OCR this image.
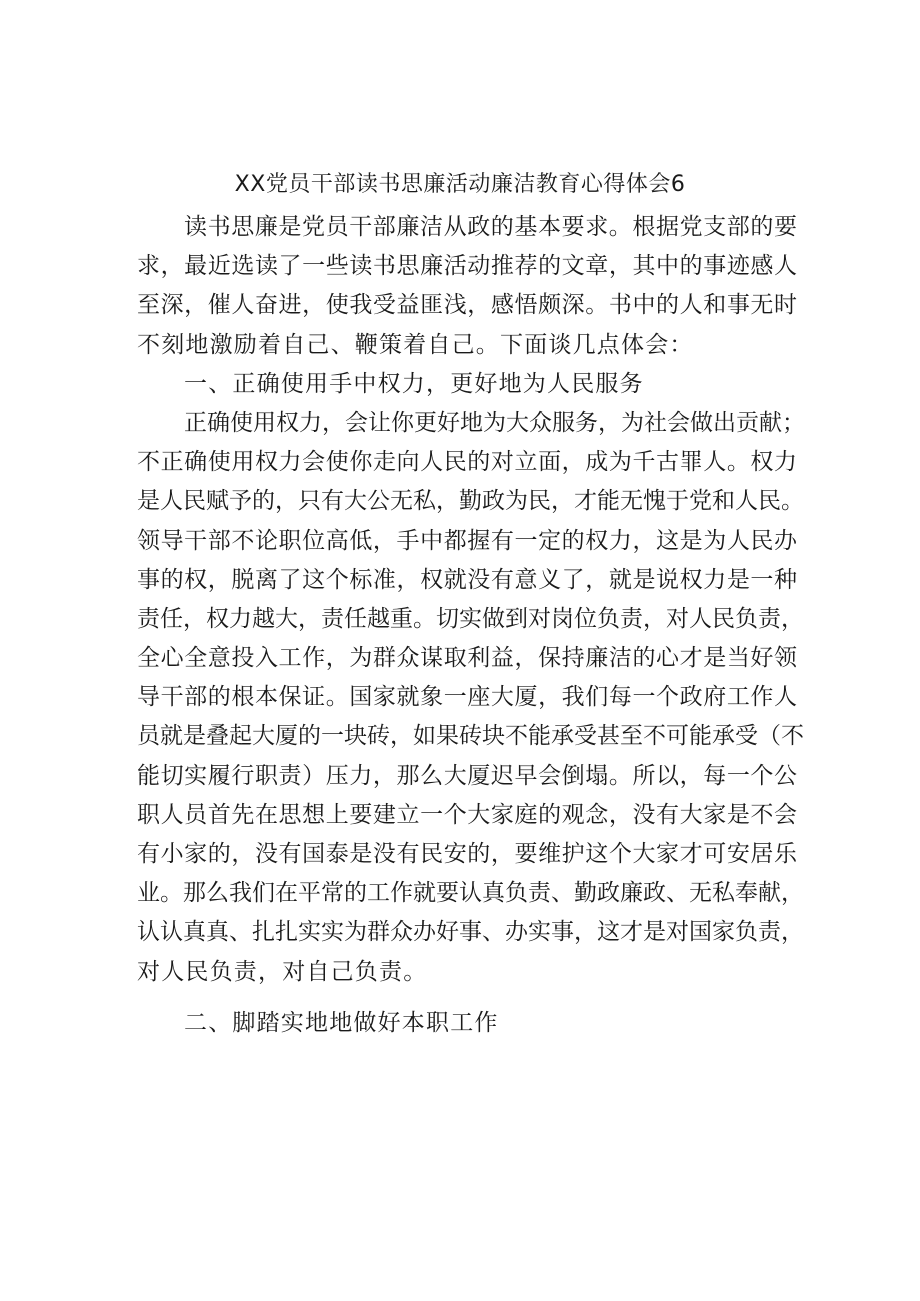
XX党员干部读书思廉活动廉洁教育心得体会6
读书思廉是党员干部廉洁从政的基本要求。根据党支部的要
求，最近选读了一些读书思廉活动推荐的文章，其中的事迹感人
至深，催人奋进，使我受益匪浅，感悟颇深。书中的人和事无时
不刻地激励着自己、鞭策着自己。下面谈几点体会：
一、正确使用手中权力，更好地为人民服务
正确使用权力，会让你更好地为大众服务，为社会做出贡献；
不正确使用权力会使你走向人民的对立面，成为千古罪人。权力
是人民赋予的，只有大公无私，勤政为民，才能无愧于党和人民。
领导干部不论职位高低，手中都握有一定的权力，这是为人民办
事的权，脱离了这个标准，权就没有意义了，就是说权力是一种
责任，权力越大，责任越重。切实做到对岗位负责，对人民负责，
全心全意投入工作，为群众谋取利益，保持廉洁的心才是当好领
导干部的根本保证。国家就象一座大厦，我们每一个政府工作人
员就是叠起大厦的一块砖，如果砖块不能承受甚至不可能承受（不
能切实履行职责）压力，那么大厦迟早会倒塌。所以，每一个公
职人员首先在思想上要建立一个大家庭的观念，没有大家是不会
有小家的，没有国泰是没有民安的，要维护这个大家才可安居乐
业。那么我们在平常的工作就要认真负责、勤政廉政、无私奉献，
认认真真、扎扎实实为群众办好事、办实事，这才是对国家负责，
对人民负责，对自己负责。
二、脚踏实地地做好本职工作
